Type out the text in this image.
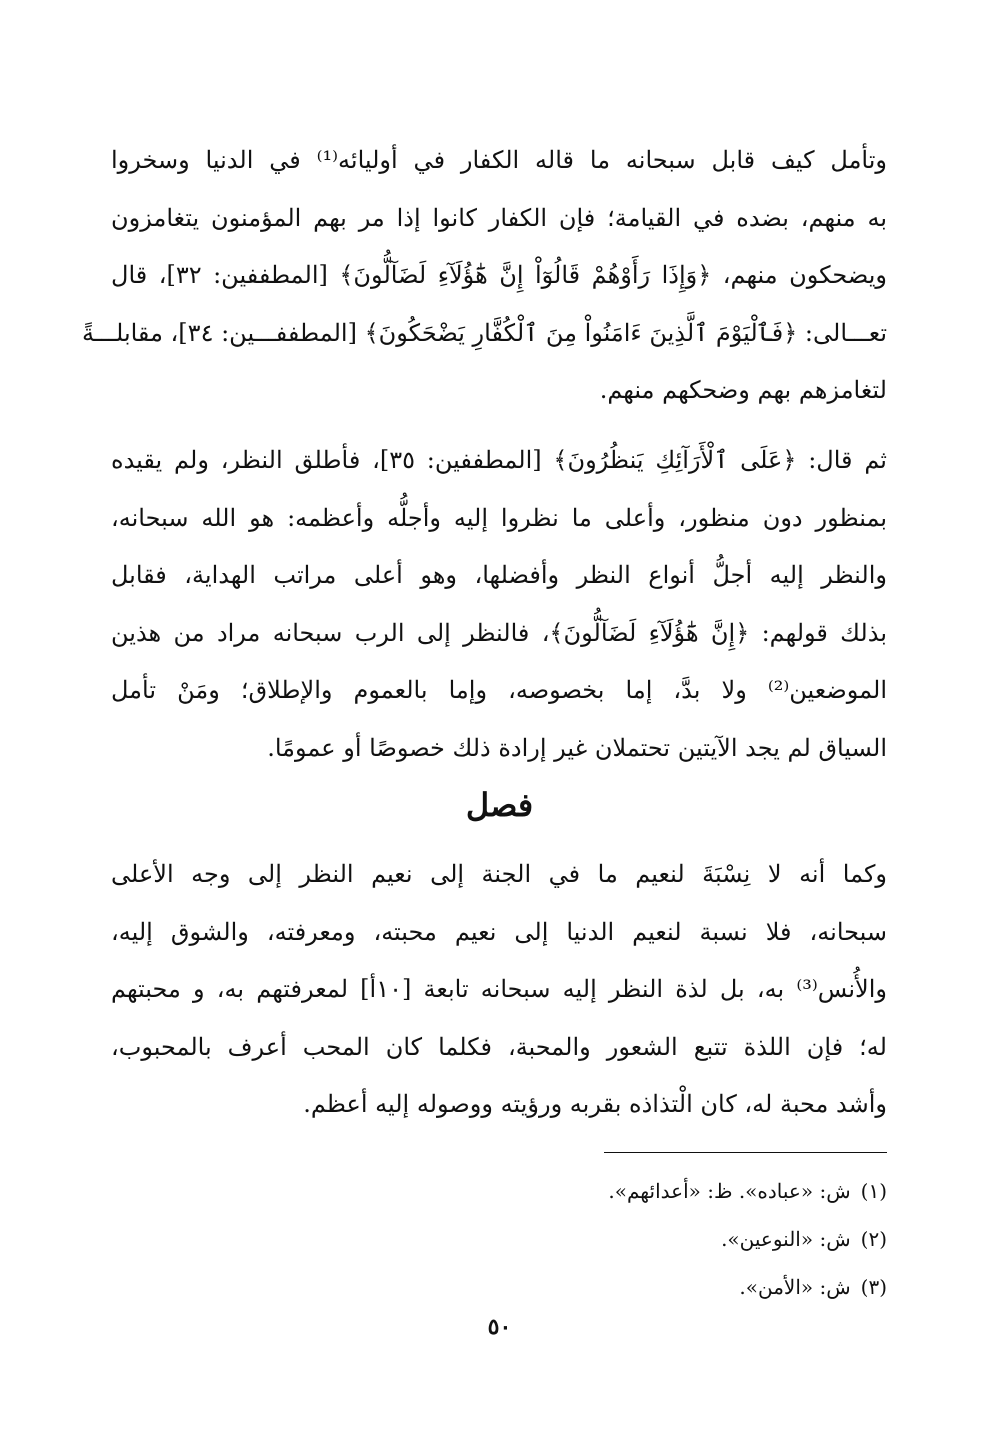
وتأمل كيف قابل سبحانه ما قاله الكفار في أوليائه⁽¹⁾ في الدنيا وسخروا
به منهم، بضده في القيامة؛ فإن الكفار كانوا إذا مر بهم المؤمنون يتغامزون
ويضحكون منهم، ﴿وَإِذَا رَأَوْهُمْ قَالُوٓاْ إِنَّ هَٰٓؤُلَآءِ لَضَآلُّونَ﴾ [المطففين: ٣٢]، قال
تعـــالى: ﴿فَٱلْيَوْمَ ٱلَّذِينَ ءَامَنُواْ مِنَ ٱلْكُفَّارِ يَضْحَكُونَ﴾ [المطففـــين: ٣٤]، مقابلـــةً
لتغامزهم بهم وضحكهم منهم.

ثم قال: ﴿عَلَى ٱلْأَرَآئِكِ يَنظُرُونَ﴾ [المطففين: ٣٥]، فأطلق النظر، ولم يقيده
بمنظور دون منظور، وأعلى ما نظروا إليه وأجلُّه وأعظمه: هو الله سبحانه،
والنظر إليه أجلُّ أنواع النظر وأفضلها، وهو أعلى مراتب الهداية، فقابل
بذلك قولهم: ﴿إِنَّ هَٰٓؤُلَآءِ لَضَآلُّونَ﴾، فالنظر إلى الرب سبحانه مراد من هذين
الموضعين⁽²⁾ ولا بدَّ، إما بخصوصه، وإما بالعموم والإطلاق؛ ومَنْ تأمل
السياق لم يجد الآيتين تحتملان غير إرادة ذلك خصوصًا أو عمومًا.

فصل

وكما أنه لا نِسْبَةَ لنعيم ما في الجنة إلى نعيم النظر إلى وجه الأعلى
سبحانه، فلا نسبة لنعيم الدنيا إلى نعيم محبته، ومعرفته، والشوق إليه،
والأُنس⁽³⁾ به، بل لذة النظر إليه سبحانه تابعة [١٠أ] لمعرفتهم به، و محبتهم
له؛ فإن اللذة تتبع الشعور والمحبة، فكلما كان المحب أعرف بالمحبوب،
وأشد محبة له، كان الْتذاذه بقربه ورؤيته ووصوله إليه أعظم.

(١)ش: «عباده». ظ: «أعدائهم».
(٢)ش: «النوعين».
(٣)ش: «الأمن».
٥٠
